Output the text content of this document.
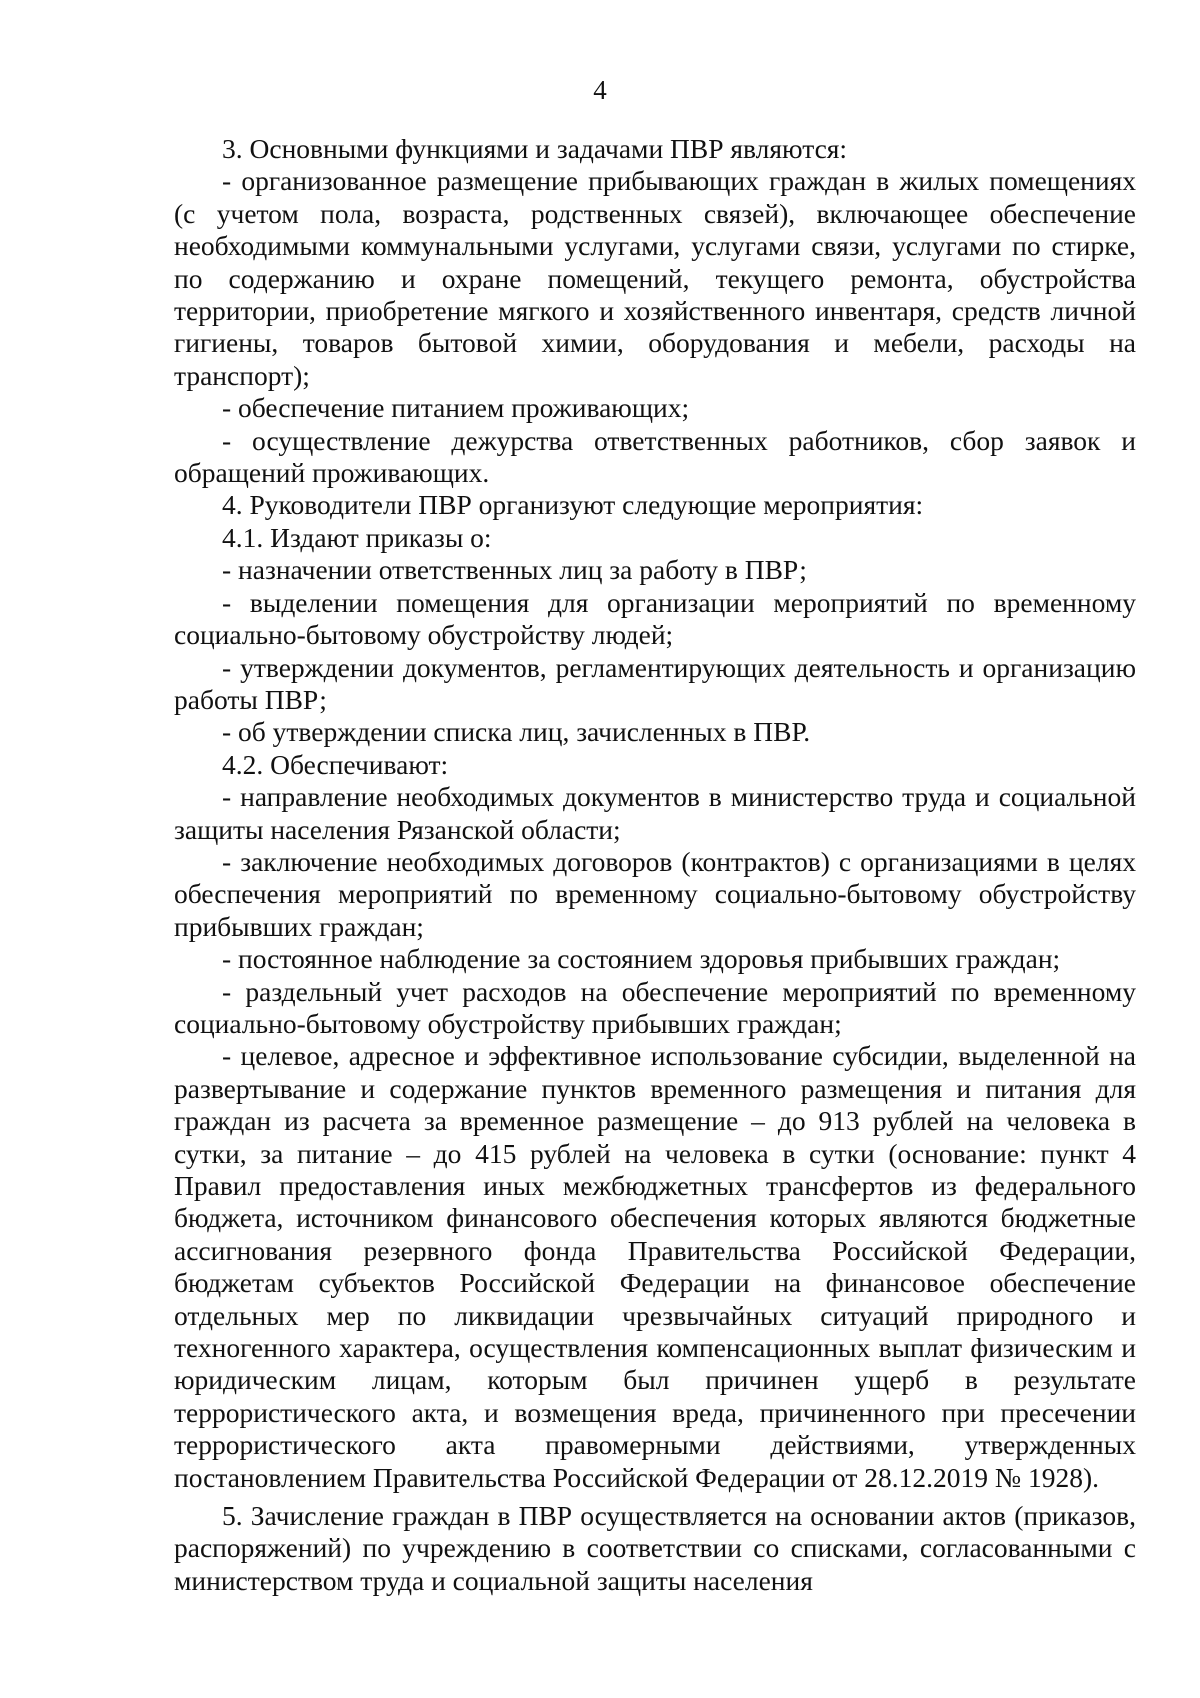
4

3. Основными функциями и задачами ПВР являются:

- организованное размещение прибывающих граждан в жилых помещениях (с учетом пола, возраста, родственных связей), включающее обеспечение необходимыми коммунальными услугами, услугами связи, услугами по стирке, по содержанию и охране помещений, текущего ремонта, обустройства территории, приобретение мягкого и хозяйственного инвентаря, средств личной гигиены, товаров бытовой химии, оборудования и мебели, расходы на транспорт);

- обеспечение питанием проживающих;

- осуществление дежурства ответственных работников, сбор заявок и обращений проживающих.

4. Руководители ПВР организуют следующие мероприятия:

4.1. Издают приказы о:

- назначении ответственных лиц за работу в ПВР;

- выделении помещения для организации мероприятий по временному социально-бытовому обустройству людей;

- утверждении документов, регламентирующих деятельность и организацию работы ПВР;

- об утверждении списка лиц, зачисленных в ПВР.

4.2. Обеспечивают:

- направление необходимых документов в министерство труда и социальной защиты населения Рязанской области;

- заключение необходимых договоров (контрактов) с организациями в целях обеспечения мероприятий по временному социально-бытовому обустройству прибывших граждан;

- постоянное наблюдение за состоянием здоровья прибывших граждан;

- раздельный учет расходов на обеспечение мероприятий по временному социально-бытовому обустройству прибывших граждан;

- целевое, адресное и эффективное использование субсидии, выделенной на развертывание и содержание пунктов временного размещения и питания для граждан из расчета за временное размещение – до 913 рублей на человека в сутки, за питание – до 415 рублей на человека в сутки (основание: пункт 4 Правил предоставления иных межбюджетных трансфертов из федерального бюджета, источником финансового обеспечения которых являются бюджетные ассигнования резервного фонда Правительства Российской Федерации, бюджетам субъектов Российской Федерации на финансовое обеспечение отдельных мер по ликвидации чрезвычайных ситуаций природного и техногенного характера, осуществления компенсационных выплат физическим и юридическим лицам, которым был причинен ущерб в результате террористического акта, и возмещения вреда, причиненного при пресечении террористического акта правомерными действиями, утвержденных постановлением Правительства Российской Федерации от 28.12.2019 № 1928).

5. Зачисление граждан в ПВР осуществляется на основании актов (приказов, распоряжений) по учреждению в соответствии со списками, согласованными с министерством труда и социальной защиты населения
